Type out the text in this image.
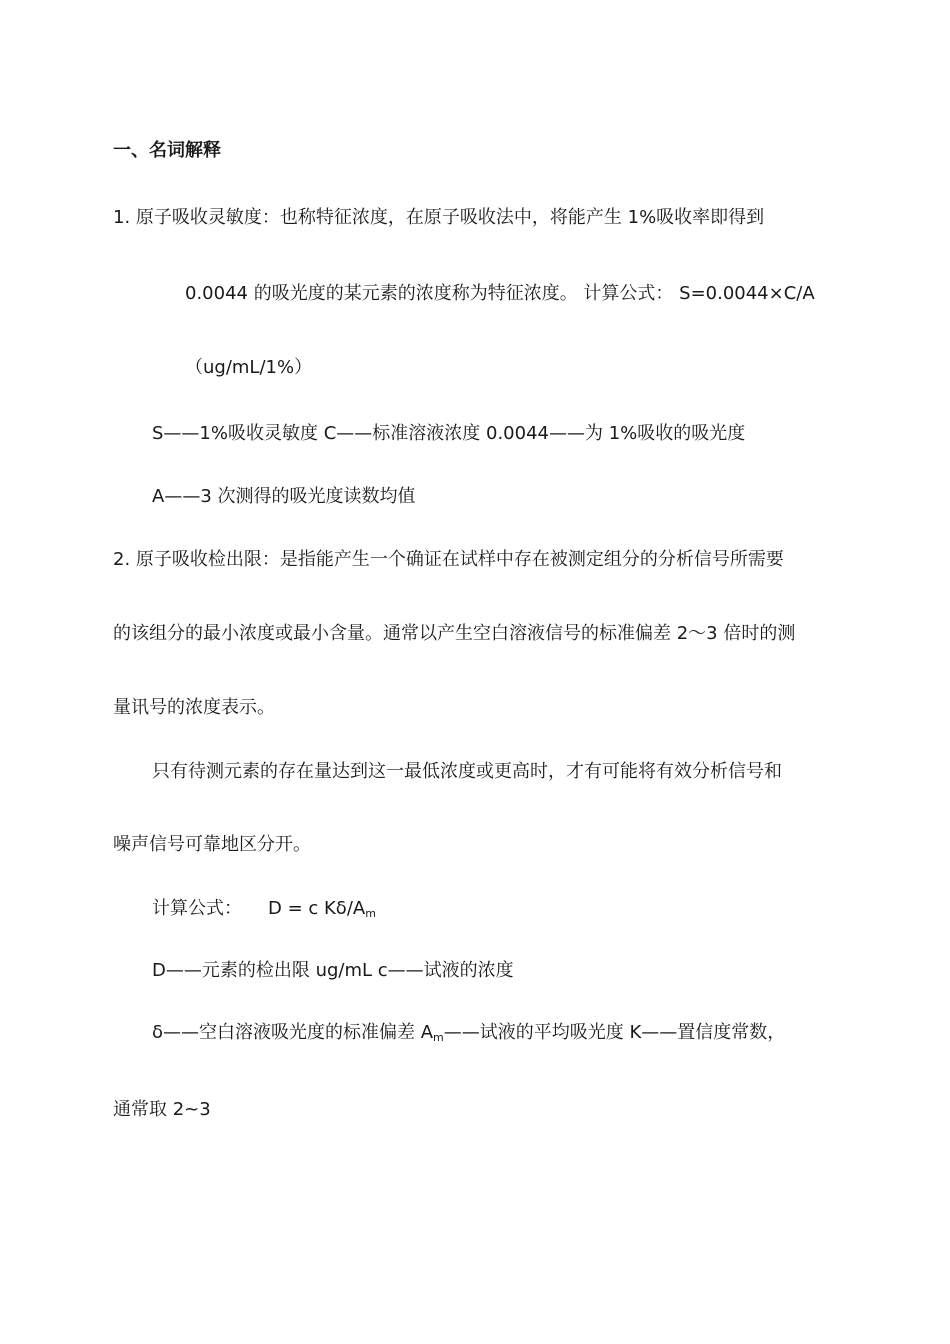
一、名词解释
1. 原子吸收灵敏度：也称特征浓度，在原子吸收法中，将能产生 1%吸收率即得到
0.0044 的吸光度的某元素的浓度称为特征浓度。 计算公式： S=0.0044×C/A
（ug/mL/1%）
S——1%吸收灵敏度 C——标准溶液浓度 0.0044——为 1%吸收的吸光度
A——3 次测得的吸光度读数均值
2. 原子吸收检出限：是指能产生一个确证在试样中存在被测定组分的分析信号所需要
的该组分的最小浓度或最小含量。通常以产生空白溶液信号的标准偏差 2～3 倍时的测
量讯号的浓度表示。
只有待测元素的存在量达到这一最低浓度或更高时，才有可能将有效分析信号和
噪声信号可靠地区分开。
计算公式： D = c $K\delta/A_m$
D——元素的检出限 ug/mL c——试液的浓度
δ——空白溶液吸光度的标准偏差 $A_m——$试液的平均吸光度 K——置信度常数，
通常取 2~3
